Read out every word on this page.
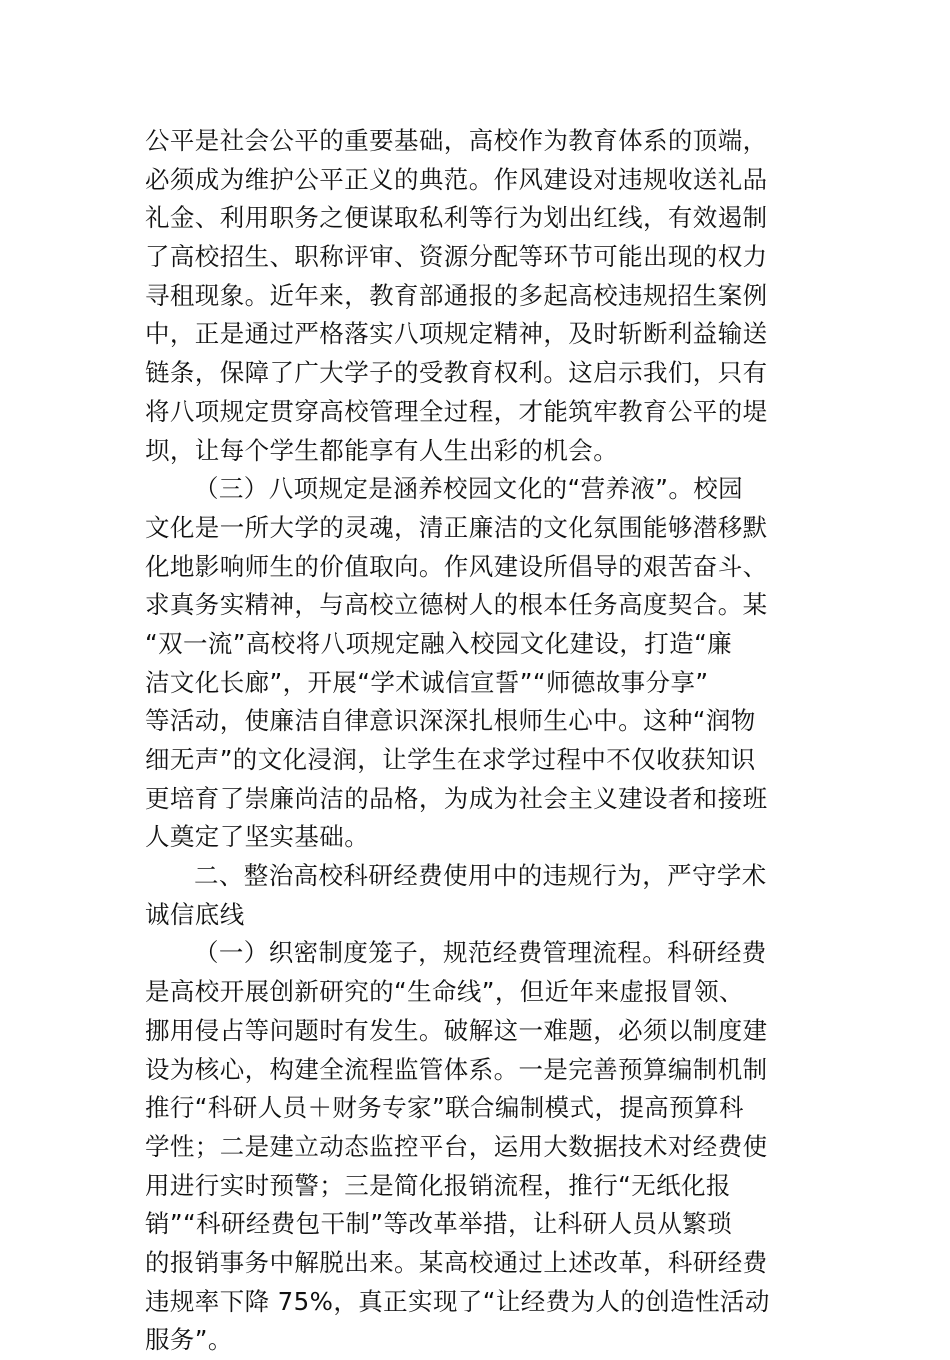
公平是社会公平的重要基础，高校作为教育体系的顶端，
必须成为维护公平正义的典范。作风建设对违规收送礼品
礼金、利用职务之便谋取私利等行为划出红线，有效遏制
了高校招生、职称评审、资源分配等环节可能出现的权力
寻租现象。近年来，教育部通报的多起高校违规招生案例
中，正是通过严格落实八项规定精神，及时斩断利益输送
链条，保障了广大学子的受教育权利。这启示我们，只有
将八项规定贯穿高校管理全过程，才能筑牢教育公平的堤
坝，让每个学生都能享有人生出彩的机会。
（三）八项规定是涵养校园文化的“营养液”。校园
文化是一所大学的灵魂，清正廉洁的文化氛围能够潜移默
化地影响师生的价值取向。作风建设所倡导的艰苦奋斗、
求真务实精神，与高校立德树人的根本任务高度契合。某
“双一流”高校将八项规定融入校园文化建设，打造“廉
洁文化长廊”，开展“学术诚信宣誓”“师德故事分享”
等活动，使廉洁自律意识深深扎根师生心中。这种“润物
细无声”的文化浸润，让学生在求学过程中不仅收获知识
更培育了崇廉尚洁的品格，为成为社会主义建设者和接班
人奠定了坚实基础。
二、整治高校科研经费使用中的违规行为，严守学术
诚信底线
（一）织密制度笼子，规范经费管理流程。科研经费
是高校开展创新研究的“生命线”，但近年来虚报冒领、
挪用侵占等问题时有发生。破解这一难题，必须以制度建
设为核心，构建全流程监管体系。一是完善预算编制机制
推行“科研人员＋财务专家”联合编制模式，提高预算科
学性；二是建立动态监控平台，运用大数据技术对经费使
用进行实时预警；三是简化报销流程，推行“无纸化报
销”“科研经费包干制”等改革举措，让科研人员从繁琐
的报销事务中解脱出来。某高校通过上述改革，科研经费
违规率下降 75%，真正实现了“让经费为人的创造性活动
服务”。
